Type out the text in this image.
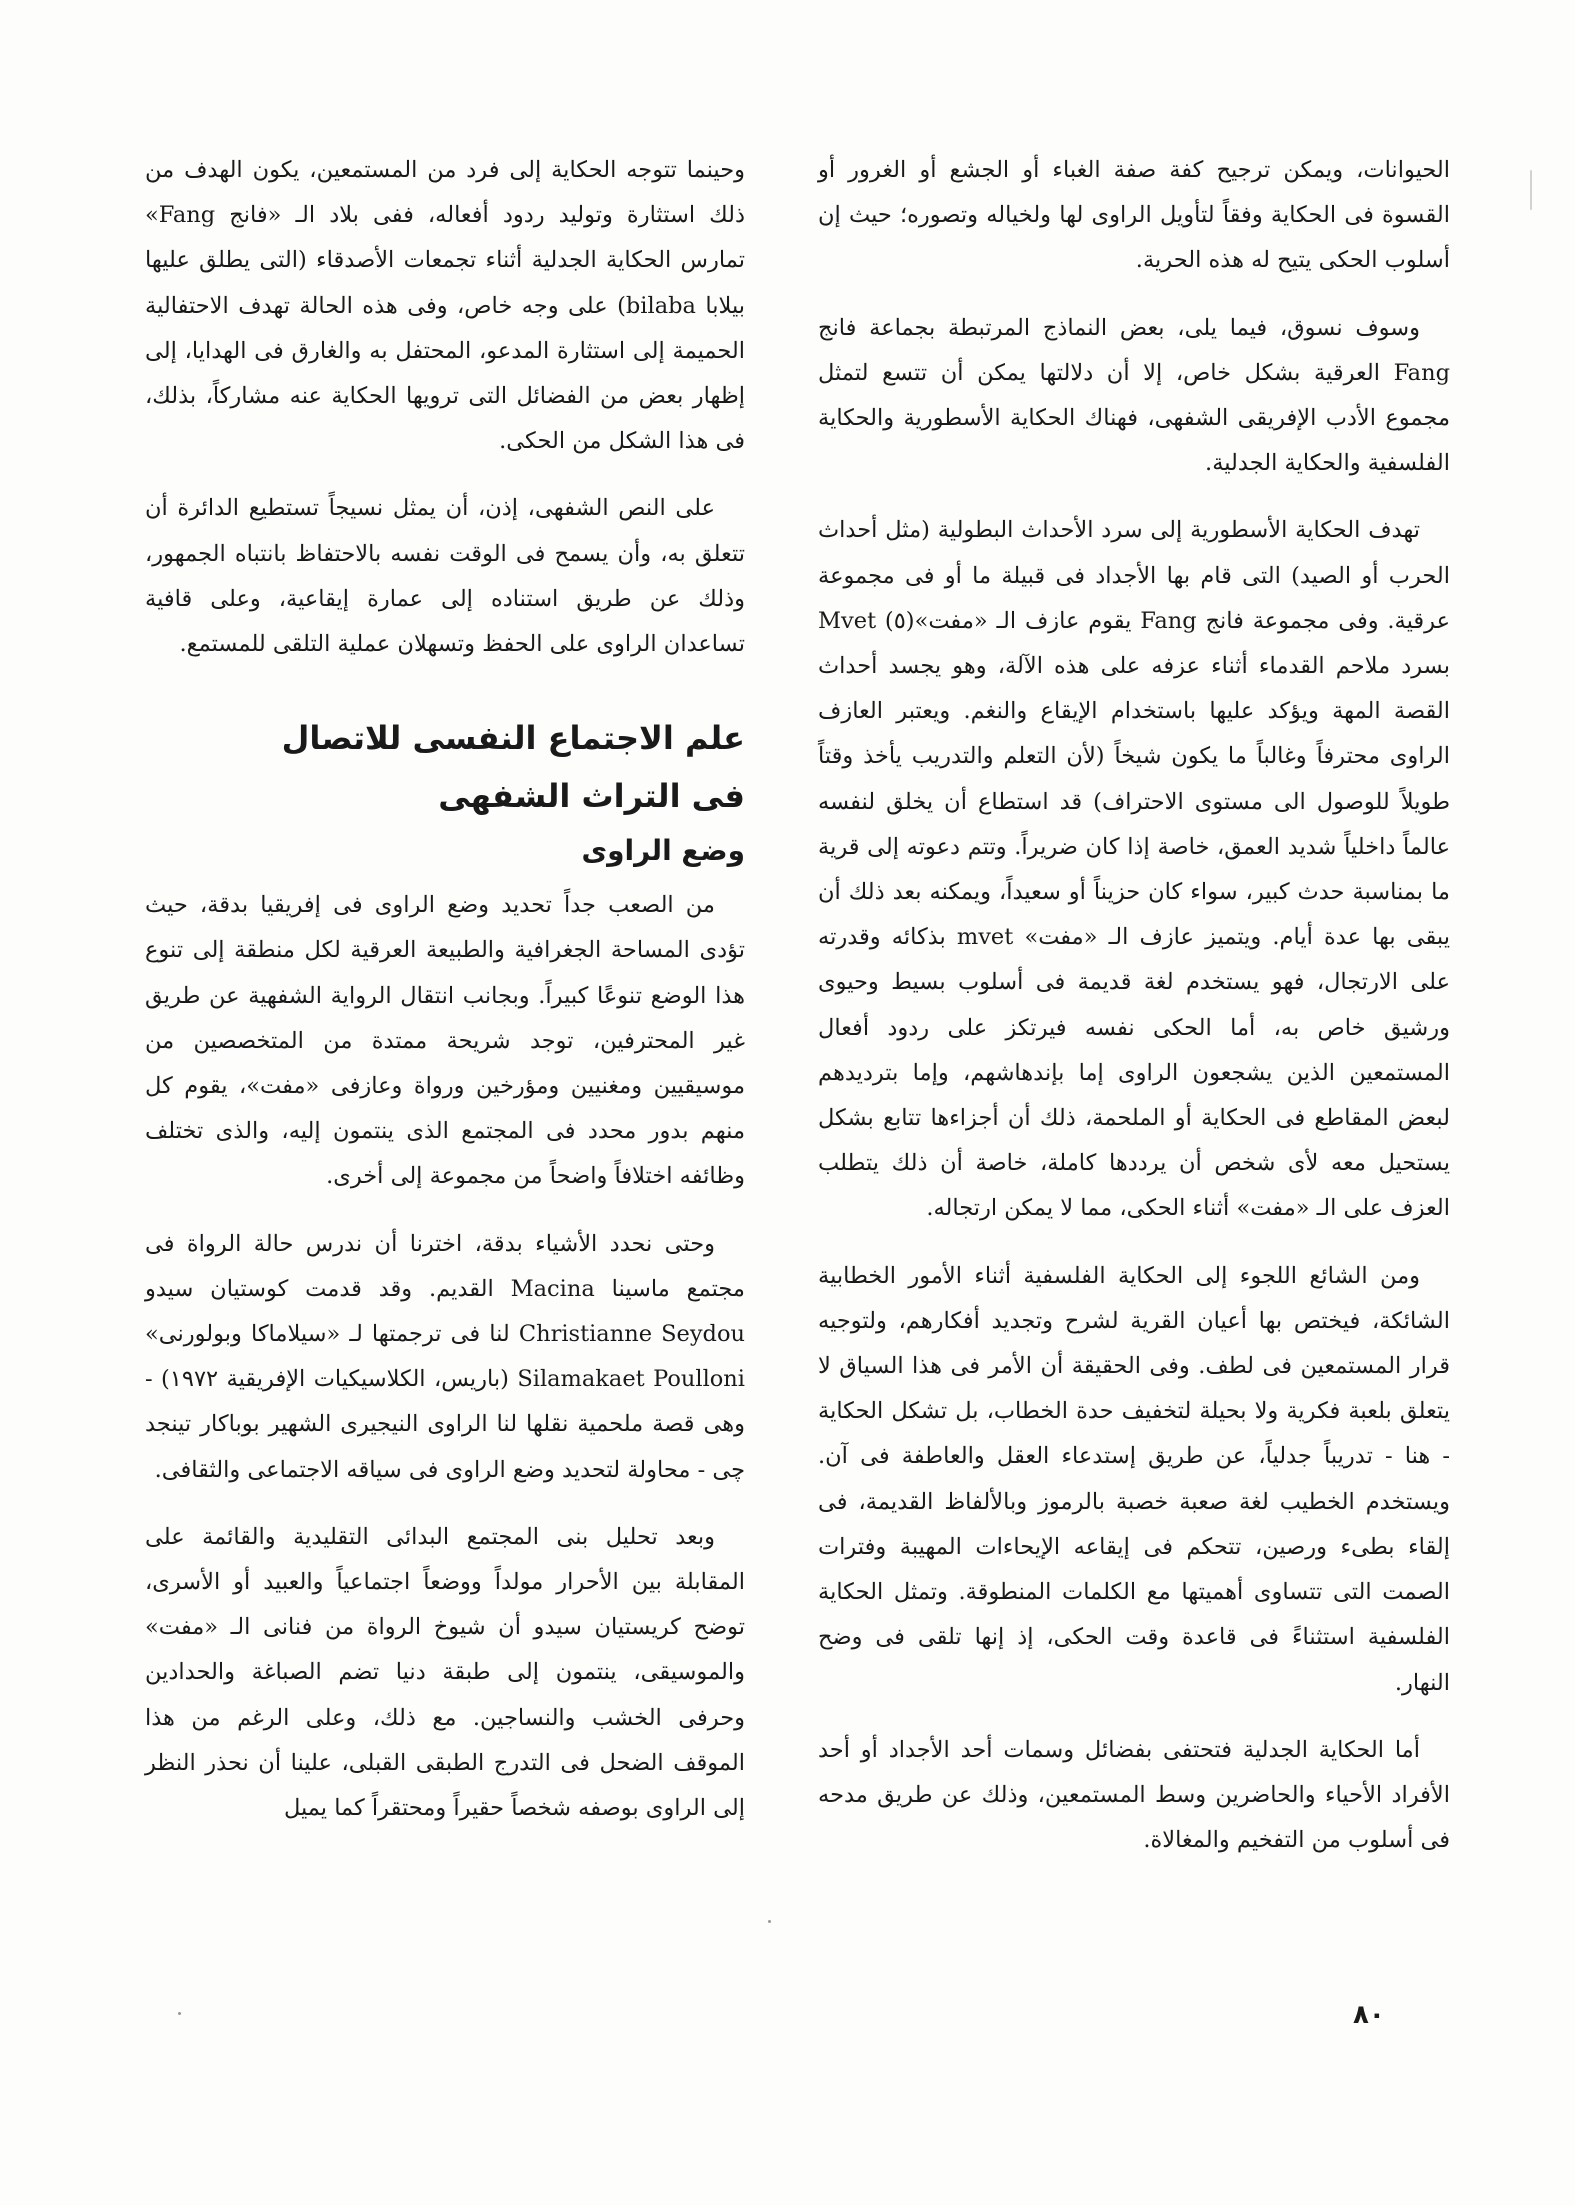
الحيوانات، ويمكن ترجيح كفة صفة الغباء أو الجشع أو الغرور أو القسوة فى الحكاية وفقاً لتأويل الراوى لها ولخياله وتصوره؛ حيث إن أسلوب الحكى يتيح له هذه الحرية.

وسوف نسوق، فيما يلى، بعض النماذج المرتبطة بجماعة فانج Fang العرقية بشكل خاص، إلا أن دلالتها يمكن أن تتسع لتمثل مجموع الأدب الإفريقى الشفهى، فهناك الحكاية الأسطورية والحكاية الفلسفية والحكاية الجدلية.

تهدف الحكاية الأسطورية إلى سرد الأحداث البطولية (مثل أحداث الحرب أو الصيد) التى قام بها الأجداد فى قبيلة ما أو فى مجموعة عرقية. وفى مجموعة فانج Fang يقوم عازف الـ «مفت»(٥) Mvet بسرد ملاحم القدماء أثناء عزفه على هذه الآلة، وهو يجسد أحداث القصة المهة ويؤكد عليها باستخدام الإيقاع والنغم. ويعتبر العازف الراوى محترفاً وغالباً ما يكون شيخاً (لأن التعلم والتدريب يأخذ وقتاً طويلاً للوصول الى مستوى الاحتراف) قد استطاع أن يخلق لنفسه عالماً داخلياً شديد العمق، خاصة إذا كان ضريراً. وتتم دعوته إلى قرية ما بمناسبة حدث كبير، سواء كان حزيناً أو سعيداً، ويمكنه بعد ذلك أن يبقى بها عدة أيام. ويتميز عازف الـ «مفت» mvet بذكائه وقدرته على الارتجال، فهو يستخدم لغة قديمة فى أسلوب بسيط وحيوى ورشيق خاص به، أما الحكى نفسه فيرتكز على ردود أفعال المستمعين الذين يشجعون الراوى إما بإندهاشهم، وإما بترديدهم لبعض المقاطع فى الحكاية أو الملحمة، ذلك أن أجزاءها تتابع بشكل يستحيل معه لأى شخص أن يرددها كاملة، خاصة أن ذلك يتطلب العزف على الـ «مفت» أثناء الحكى، مما لا يمكن ارتجاله.

ومن الشائع اللجوء إلى الحكاية الفلسفية أثناء الأمور الخطابية الشائكة، فيختص بها أعيان القرية لشرح وتجديد أفكارهم، ولتوجيه قرار المستمعين فى لطف. وفى الحقيقة أن الأمر فى هذا السياق لا يتعلق بلعبة فكرية ولا بحيلة لتخفيف حدة الخطاب، بل تشكل الحكاية - هنا - تدريباً جدلياً، عن طريق إستدعاء العقل والعاطفة فى آن. ويستخدم الخطيب لغة صعبة خصبة بالرموز وبالألفاظ القديمة، فى إلقاء بطىء ورصين، تتحكم فى إيقاعه الإيحاءات المهيبة وفترات الصمت التى تتساوى أهميتها مع الكلمات المنطوقة. وتمثل الحكاية الفلسفية استثناءً فى قاعدة وقت الحكى، إذ إنها تلقى فى وضح النهار.

أما الحكاية الجدلية فتحتفى بفضائل وسمات أحد الأجداد أو أحد الأفراد الأحياء والحاضرين وسط المستمعين، وذلك عن طريق مدحه فى أسلوب من التفخيم والمغالاة.

وحينما تتوجه الحكاية إلى فرد من المستمعين، يكون الهدف من ذلك استثارة وتوليد ردود أفعاله، ففى بلاد الـ «فانج Fang» تمارس الحكاية الجدلية أثناء تجمعات الأصدقاء (التى يطلق عليها بيلابا bilaba) على وجه خاص، وفى هذه الحالة تهدف الاحتفالية الحميمة إلى استثارة المدعو، المحتفل به والغارق فى الهدايا، إلى إظهار بعض من الفضائل التى ترويها الحكاية عنه مشاركاً، بذلك، فى هذا الشكل من الحكى.

على النص الشفهى، إذن، أن يمثل نسيجاً تستطيع الدائرة أن تتعلق به، وأن يسمح فى الوقت نفسه بالاحتفاظ بانتباه الجمهور، وذلك عن طريق استناده إلى عمارة إيقاعية، وعلى قافية تساعدان الراوى على الحفظ وتسهلان عملية التلقى للمستمع.

علم الاجتماع النفسى للاتصال
فى التراث الشفهى
وضع الراوى

من الصعب جداً تحديد وضع الراوى فى إفريقيا بدقة، حيث تؤدى المساحة الجغرافية والطبيعة العرقية لكل منطقة إلى تنوع هذا الوضع تنوعًا كبيراً. وبجانب انتقال الرواية الشفهية عن طريق غير المحترفين، توجد شريحة ممتدة من المتخصصين من موسيقيين ومغنيين ومؤرخين ورواة وعازفى «مفت»، يقوم كل منهم بدور محدد فى المجتمع الذى ينتمون إليه، والذى تختلف وظائفه اختلافاً واضحاً من مجموعة إلى أخرى.

وحتى نحدد الأشياء بدقة، اخترنا أن ندرس حالة الرواة فى مجتمع ماسينا Macina القديم. وقد قدمت كوستيان سيدو Christianne Seydou لنا فى ترجمتها لـ «سيلاماكا وبولورنى» Silamakaet Poulloni (باريس، الكلاسيكيات الإفريقية ١٩٧٢) - وهى قصة ملحمية نقلها لنا الراوى النيجيرى الشهير بوباكار تينجد چى - محاولة لتحديد وضع الراوى فى سياقه الاجتماعى والثقافى.

وبعد تحليل بنى المجتمع البدائى التقليدية والقائمة على المقابلة بين الأحرار مولداً ووضعاً اجتماعياً والعبيد أو الأسرى، توضح كريستيان سيدو أن شيوخ الرواة من فنانى الـ «مفت» والموسيقى، ينتمون إلى طبقة دنيا تضم الصباغة والحدادين وحرفى الخشب والنساجين. مع ذلك، وعلى الرغم من هذا الموقف الضحل فى التدرج الطبقى القبلى، علينا أن نحذر النظر إلى الراوى بوصفه شخصاً حقيراً ومحتقراً كما يميل

٨٠
